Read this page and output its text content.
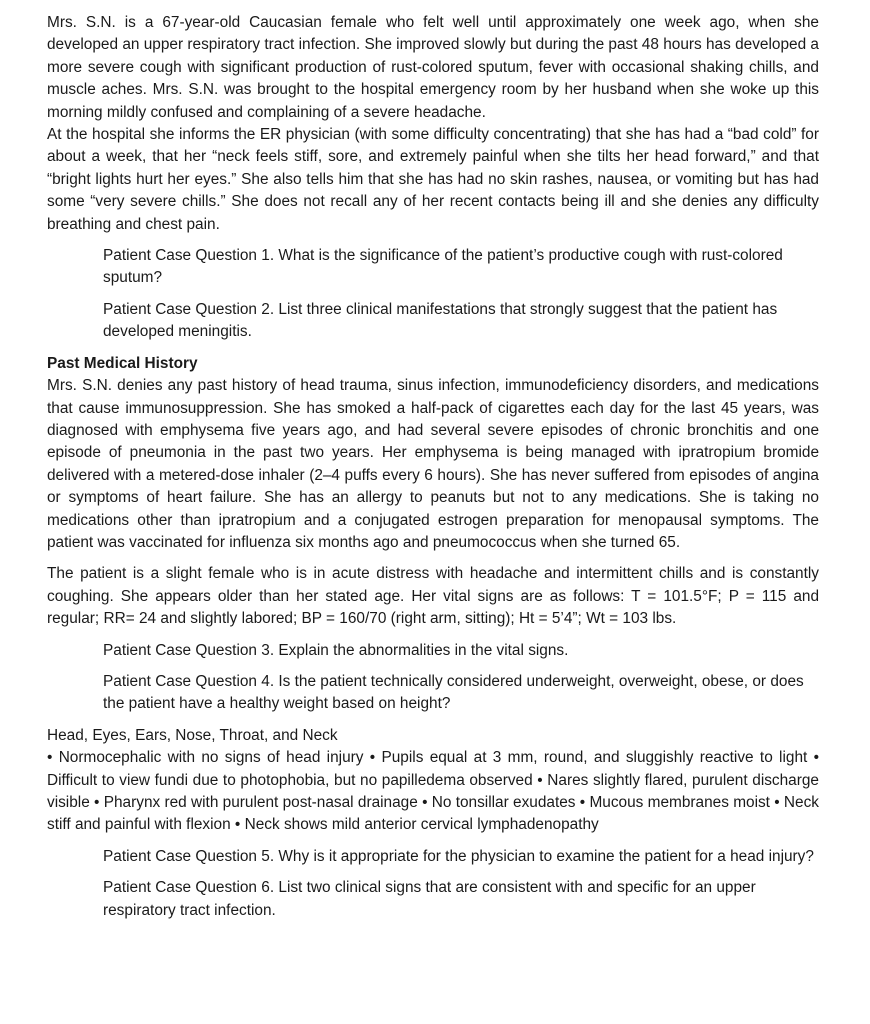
Mrs. S.N. is a 67-year-old Caucasian female who felt well until approximately one week ago, when she developed an upper respiratory tract infection. She improved slowly but during the past 48 hours has developed a more severe cough with significant production of rust-colored sputum, fever with occasional shaking chills, and muscle aches. Mrs. S.N. was brought to the hospital emergency room by her husband when she woke up this morning mildly confused and complaining of a severe headache.

At the hospital she informs the ER physician (with some difficulty concentrating) that she has had a “bad cold” for about a week, that her “neck feels stiff, sore, and extremely painful when she tilts her head forward,” and that “bright lights hurt her eyes.” She also tells him that she has had no skin rashes, nausea, or vomiting but has had some “very severe chills.” She does not recall any of her recent contacts being ill and she denies any difficulty breathing and chest pain.

Patient Case Question 1. What is the significance of the patient’s productive cough with rust-colored sputum?

Patient Case Question 2. List three clinical manifestations that strongly suggest that the patient has developed meningitis.

Past Medical History

Mrs. S.N. denies any past history of head trauma, sinus infection, immunodeficiency disorders, and medications that cause immunosuppression. She has smoked a half-pack of cigarettes each day for the last 45 years, was diagnosed with emphysema five years ago, and had several severe episodes of chronic bronchitis and one episode of pneumonia in the past two years. Her emphysema is being managed with ipratropium bromide delivered with a metered-dose inhaler (2–4 puffs every 6 hours). She has never suffered from episodes of angina or symptoms of heart failure. She has an allergy to peanuts but not to any medications. She is taking no medications other than ipratropium and a conjugated estrogen preparation for menopausal symptoms. The patient was vaccinated for influenza six months ago and pneumococcus when she turned 65.

The patient is a slight female who is in acute distress with headache and intermittent chills and is constantly coughing. She appears older than her stated age. Her vital signs are as follows: T = 101.5°F; P = 115 and regular; RR= 24 and slightly labored; BP = 160/70 (right arm, sitting); Ht = 5’4”; Wt = 103 lbs.

Patient Case Question 3. Explain the abnormalities in the vital signs.

Patient Case Question 4. Is the patient technically considered underweight, overweight, obese, or does the patient have a healthy weight based on height?

Head, Eyes, Ears, Nose, Throat, and Neck

• Normocephalic with no signs of head injury • Pupils equal at 3 mm, round, and sluggishly reactive to light • Difficult to view fundi due to photophobia, but no papilledema observed • Nares slightly flared, purulent discharge visible • Pharynx red with purulent post-nasal drainage • No tonsillar exudates • Mucous membranes moist • Neck stiff and painful with flexion • Neck shows mild anterior cervical lymphadenopathy

Patient Case Question 5. Why is it appropriate for the physician to examine the patient for a head injury?

Patient Case Question 6. List two clinical signs that are consistent with and specific for an upper respiratory tract infection.
